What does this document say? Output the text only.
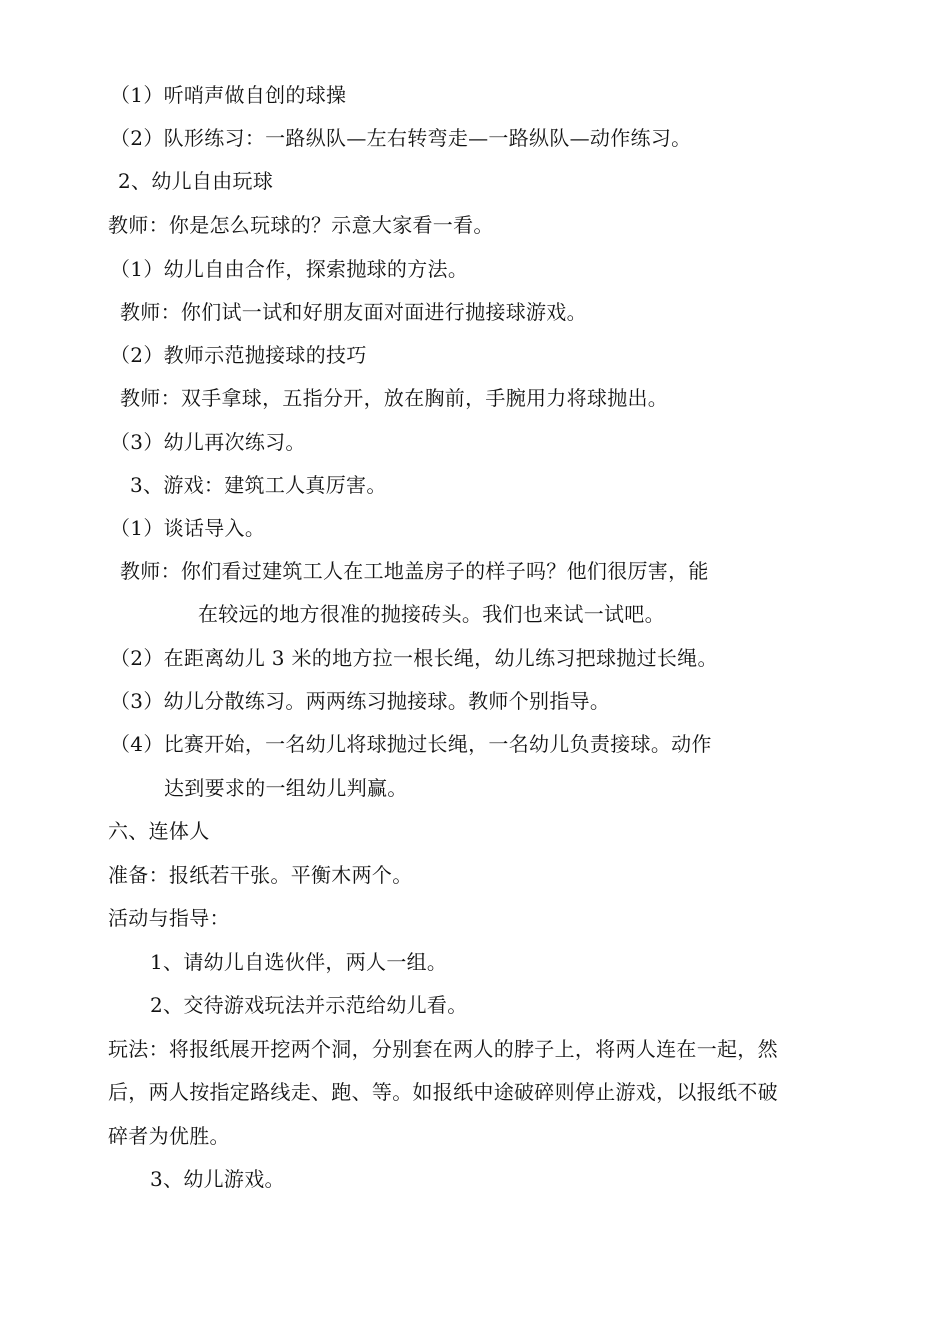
（1）听哨声做自创的球操
（2）队形练习：一路纵队—左右转弯走—一路纵队—动作练习。
2、幼儿自由玩球
教师：你是怎么玩球的？示意大家看一看。
（1）幼儿自由合作，探索抛球的方法。
教师：你们试一试和好朋友面对面进行抛接球游戏。
（2）教师示范抛接球的技巧
教师：双手拿球，五指分开，放在胸前，手腕用力将球抛出。
（3）幼儿再次练习。
3、游戏：建筑工人真厉害。
（1）谈话导入。
教师：你们看过建筑工人在工地盖房子的样子吗？他们很厉害，能
在较远的地方很准的抛接砖头。我们也来试一试吧。
（2）在距离幼儿 3 米的地方拉一根长绳，幼儿练习把球抛过长绳。
（3）幼儿分散练习。两两练习抛接球。教师个别指导。
（4）比赛开始，一名幼儿将球抛过长绳，一名幼儿负责接球。动作
达到要求的一组幼儿判赢。
六、连体人
准备：报纸若干张。平衡木两个。
活动与指导：
1、请幼儿自选伙伴，两人一组。
2、交待游戏玩法并示范给幼儿看。
玩法：将报纸展开挖两个洞，分别套在两人的脖子上，将两人连在一起，然
后，两人按指定路线走、跑、等。如报纸中途破碎则停止游戏，以报纸不破
碎者为优胜。
3、幼儿游戏。
